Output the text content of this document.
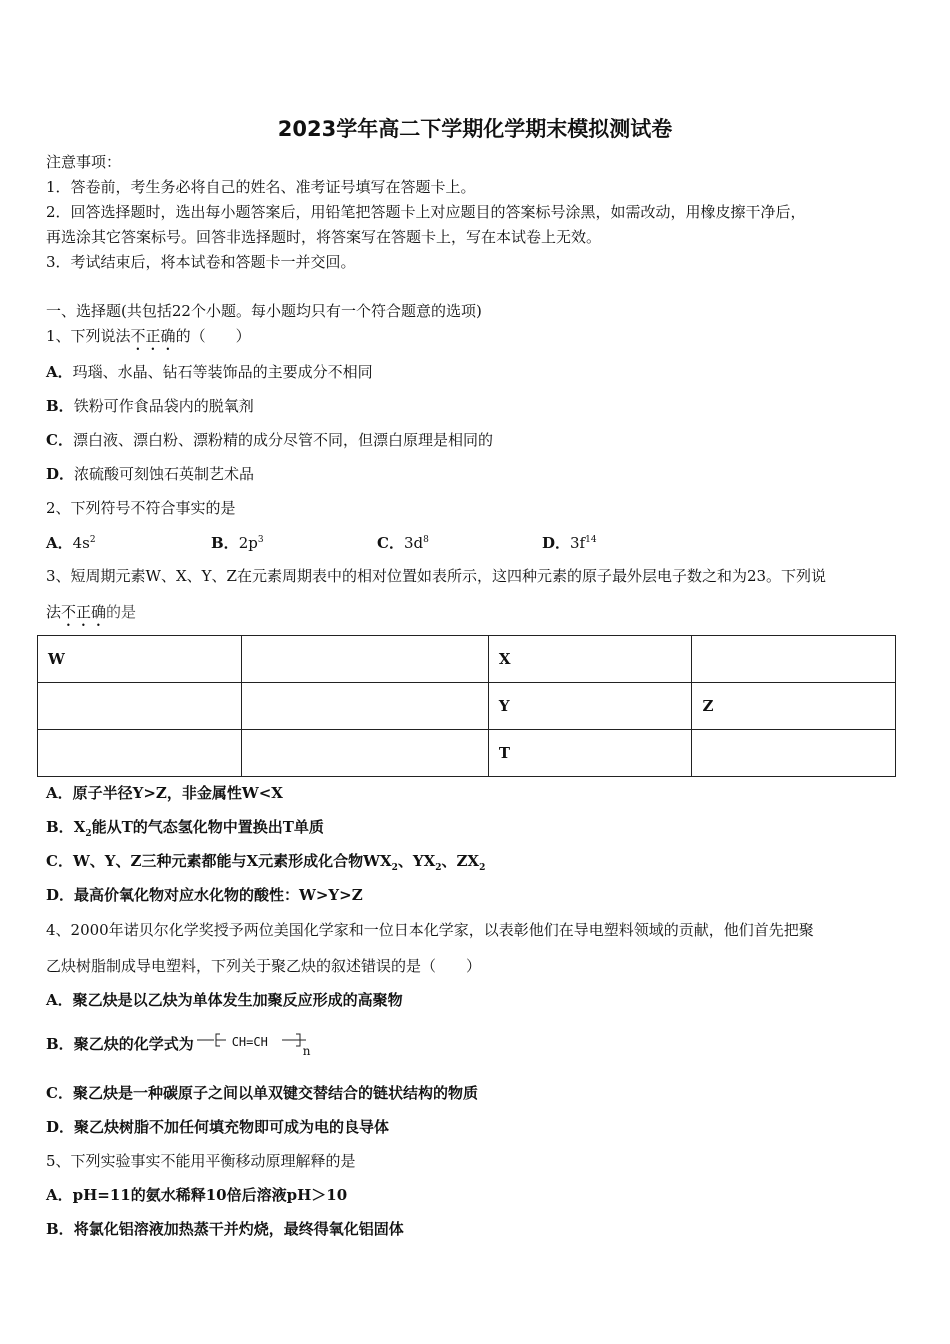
2023学年高二下学期化学期末模拟测试卷
注意事项：
1．答卷前，考生务必将自己的姓名、准考证号填写在答题卡上。
2．回答选择题时，选出每小题答案后，用铅笔把答题卡上对应题目的答案标号涂黑，如需改动，用橡皮擦干净后，
再选涂其它答案标号。回答非选择题时，将答案写在答题卡上，写在本试卷上无效。
3．考试结束后，将本试卷和答题卡一并交回。
一、选择题(共包括22个小题。每小题均只有一个符合题意的选项)
1、下列说法不正确的（　　）
A．玛瑙、水晶、钻石等装饰品的主要成分不相同
B．铁粉可作食品袋内的脱氧剂
C．漂白液、漂白粉、漂粉精的成分尽管不同，但漂白原理是相同的
D．浓硫酸可刻蚀石英制艺术品
2、下列符号不符合事实的是
A．$4s^2$	B．$2p^3$	C．$3d^8$	D．$3f^{14}$
3、短周期元素W、X、Y、Z在元素周期表中的相对位置如表所示，这四种元素的原子最外层电子数之和为23。下列说
法不正确的是
W		X	
		Y	Z
		T	
A．原子半径Y>Z，非金属性W<X
B．$X_2$能从T的气态氢化物中置换出T单质
C．W、Y、Z三种元素都能与X元素形成化合物$WX_2$、$YX_2$、$ZX_2$
D．最高价氧化物对应水化物的酸性：W>Y>Z
4、2000年诺贝尔化学奖授予两位美国化学家和一位日本化学家，以表彰他们在导电塑料领域的贡献，他们首先把聚
乙炔树脂制成导电塑料，下列关于聚乙炔的叙述错误的是（　　）
A．聚乙炔是以乙炔为单体发生加聚反应形成的高聚物
B．聚乙炔的化学式为	CH=CH
n
C．聚乙炔是一种碳原子之间以单双键交替结合的链状结构的物质
D．聚乙炔树脂不加任何填充物即可成为电的良导体
5、下列实验事实不能用平衡移动原理解释的是
A．pH=11的氨水稀释10倍后溶液pH＞10
B．将氯化铝溶液加热蒸干并灼烧，最终得氧化铝固体
